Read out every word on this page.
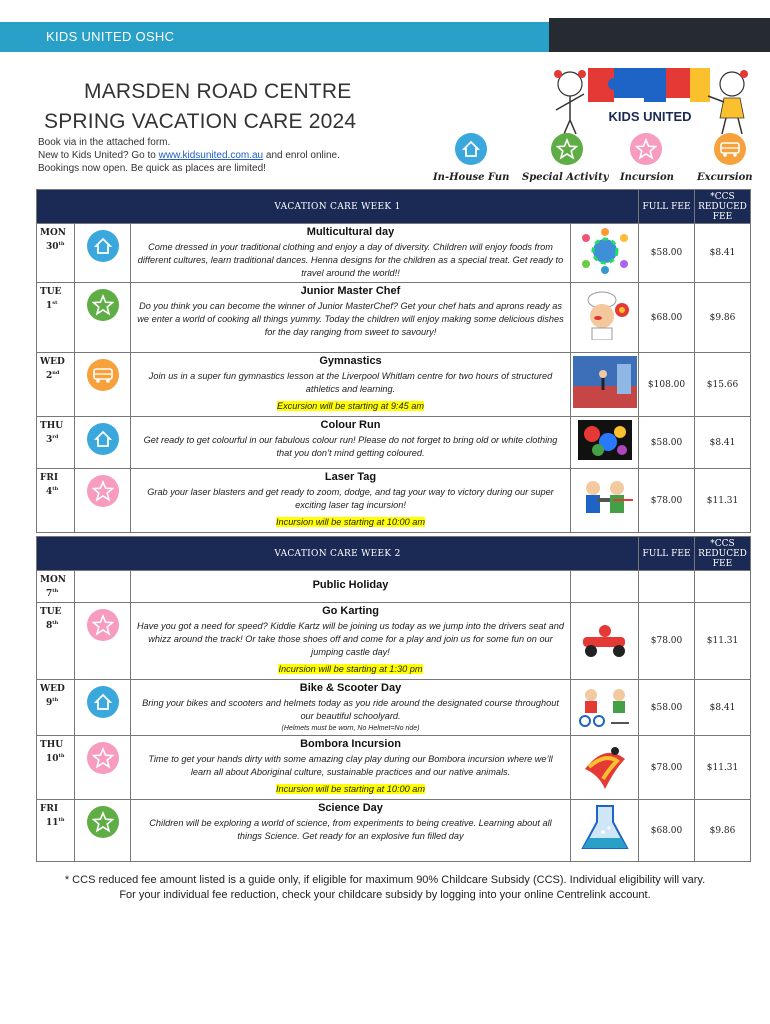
KIDS UNITED OSHC
MARSDEN ROAD CENTRE
SPRING VACATION CARE 2024
Book via in the attached form.
New to Kids United? Go to www.kidsunited.com.au and enrol online.
Bookings now open. Be quick as places are limited!
KIDS UNITED
In-House Fun Special Activity Incursion Excursion
VACATION CARE WEEK 1				FULL FEE	*CCS REDUCED FEE
MON
30th		Multicultural day
Come dressed in your traditional clothing and enjoy a day of diversity. Children will enjoy foods from different cultures, learn traditional dances. Henna designs for the children as a special treat. Get ready to travel around the world!!		$58.00	$8.41
TUE
1st		Junior Master Chef
Do you think you can become the winner of Junior MasterChef? Get your chef hats and aprons ready as we enter a world of cooking all things yummy. Today the children will enjoy making some delicious dishes for the day ranging from sweet to savoury!		$68.00	$9.86
WED
2nd		Gymnastics
Join us in a super fun gymnastics lesson at the Liverpool Whitlam centre for two hours of structured athletics and learning.
Excursion will be starting at 9:45 am		$108.00	$15.66
THU
3rd		Colour Run
Get ready to get colourful in our fabulous colour run! Please do not forget to bring old or white clothing that you don’t mind getting coloured.		$58.00	$8.41
FRI
4th		Laser Tag
Grab your laser blasters and get ready to zoom, dodge, and tag your way to victory during our super exciting laser tag incursion!
Incursion will be starting at 10:00 am		$78.00	$11.31
VACATION CARE WEEK 2				FULL FEE	*CCS REDUCED FEE
MON
7th		Public Holiday			

TUE
8th		Go Karting
Have you got a need for speed? Kiddie Kartz will be joining us today as we jump into the drivers seat and whizz around the track! Or take those shoes off and come for a play and join us for some fun on our jumping castle day!
Incursion will be starting at 1:30 pm		$78.00	$11.31
WED
9th		Bike & Scooter Day
Bring your bikes and scooters and helmets today as you ride around the designated course throughout our beautiful schoolyard.
(Helmets must be worn, No Helmet=No ride)		$58.00	$8.41
THU
10th		Bombora Incursion
Time to get your hands dirty with some amazing clay play during our Bombora incursion where we’ll learn all about Aboriginal culture, sustainable practices and our native animals.
Incursion will be starting at 10:00 am		$78.00	$11.31
FRI
11th		Science Day
Children will be exploring a world of science, from experiments to being creative. Learning about all things Science. Get ready for an explosive fun filled day		$68.00	$9.86
* CCS reduced fee amount listed is a guide only, if eligible for maximum 90% Childcare Subsidy (CCS). Individual eligibility will vary.
For your individual fee reduction, check your childcare subsidy by logging into your online Centrelink account.
